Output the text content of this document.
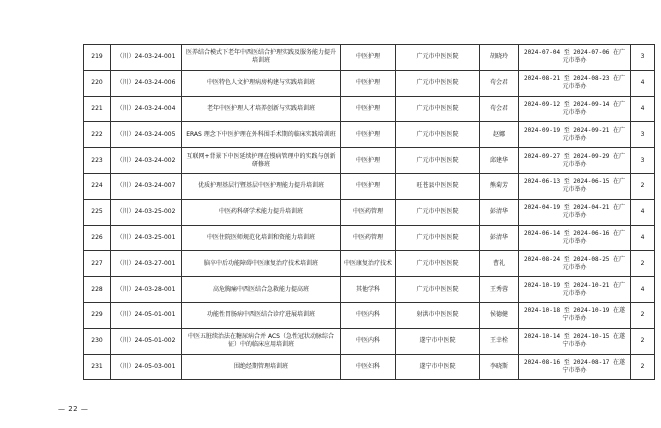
219	（川）24-03-24-001	医养结合模式下老年中西医结合护理实践及服务能力提升培训班	中医护理	广元市中医医院	胡晓玲	2024-07-04 至 2024-07-06 在广元市举办	3
220	（川）24-03-24-006	中医特色人文护理病房构建与实践培训班	中医护理	广元市中医医院	苟会君	2024-08-21 至 2024-08-23 在广元市举办	4
221	（川）24-03-24-004	老年中医护理人才培养创新与实践培训班	中医护理	广元市中医医院	苟会君	2024-09-12 至 2024-09-14 在广元市举办	4
222	（川）24-03-24-005	ERAS 理念下中医护理在外科围手术期的临床实践培训班	中医护理	广元市中医医院	赵娜	2024-09-19 至 2024-09-21 在广元市举办	3
223	（川）24-03-24-002	互联网+背景下中医延续护理在慢病管理中的实践与创新研修班	中医护理	广元市中医医院	邱建华	2024-09-27 至 2024-09-29 在广元市举办	3
224	（川）24-03-24-007	优质护理基层行暨基层中医护理能力提升培训班	中医护理	旺苍县中医医院	熊菊芳	2024-06-13 至 2024-06-15 在广元市举办	2
225	（川）24-03-25-002	中医药科研学术能力提升培训班	中医药管理	广元市中医医院	彭清华	2024-04-19 至 2024-04-21 在广元市举办	4
226	（川）24-03-25-001	中医住院医师规范化培训和资能力培训班	中医药管理	广元市中医医院	彭清华	2024-06-14 至 2024-06-16 在广元市举办	4
227	（川）24-03-27-001	脑卒中后功能障碍中医康复治疗技术培训班	中医康复治疗技术	广元市中医医院	曹礼	2024-08-24 至 2024-08-25 在广元市举办	2
228	（川）24-03-28-001	高危胸痛中西医结合急救能力提高班	其他学科	广元市中医医院	王秀蓉	2024-10-19 至 2024-10-21 在广元市举办	4
229	（川）24-05-01-001	功能性胃肠病中西医结合诊疗进展培训班	中医内科	射洪市中医医院	侯德健	2024-10-18 至 2024-10-19 在遂宁市举办	2
230	（川）24-05-01-002	中医五脏续治法在糖尿病合并 ACS（急性冠状动脉综合征）中的临床应用培训班	中医内科	遂宁市中医院	王幸栓	2024-10-14 至 2024-10-15 在遂宁市举办	2
231	（川）24-05-03-001	围绝经期管理培训班	中医妇科	遂宁市中医院	李晓斯	2024-08-16 至 2024-08-17 在遂宁市举办	2
— 22 —
